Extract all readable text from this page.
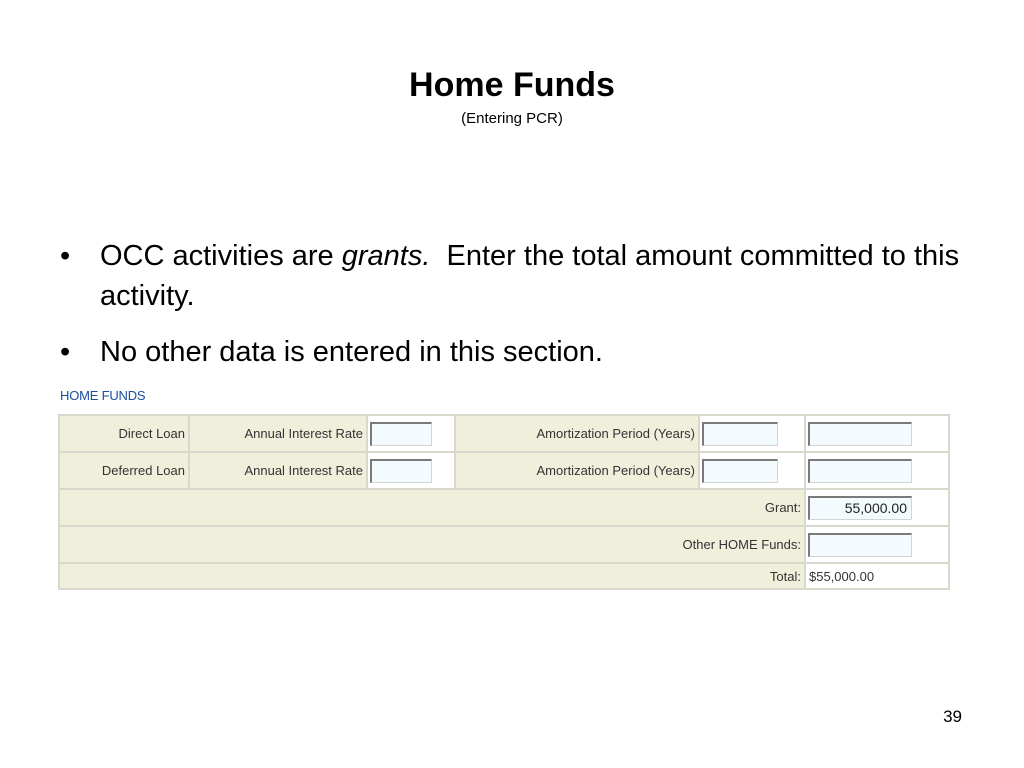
Home Funds
(Entering PCR)
• OCC activities are grants.  Enter the total amount committed to this activity.
• No other data is entered in this section.
HOME FUNDS
Direct Loan	Annual Interest Rate		Amortization Period (Years)		
Deferred Loan	Annual Interest Rate		Amortization Period (Years)		
Grant:	55,000.00
Other HOME Funds:	
Total:					$55,000.00
39
